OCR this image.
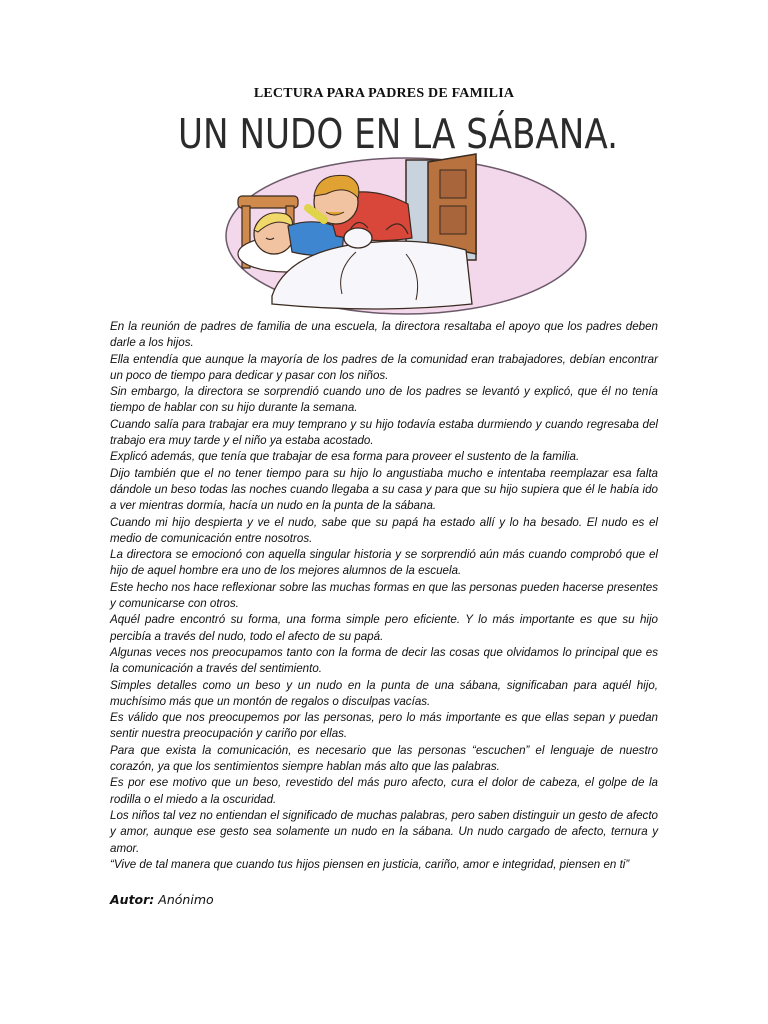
LECTURA PARA PADRES DE FAMILIA
UN NUDO EN LA SÁBANA.

En la reunión de padres de familia de una escuela, la directora resaltaba el apoyo que los padres deben darle a los hijos.

Ella entendía que aunque la mayoría de los padres de la comunidad eran trabajadores, debían encontrar un poco de tiempo para dedicar y pasar con los niños.

Sin embargo, la directora se sorprendió cuando uno de los padres se levantó y explicó, que él no tenía tiempo de hablar con su hijo durante la semana.

Cuando salía para trabajar era muy temprano y su hijo todavía estaba durmiendo y cuando regresaba del trabajo era muy tarde y el niño ya estaba acostado.

Explicó además, que tenía que trabajar de esa forma para proveer el sustento de la familia.

Dijo también que el no tener tiempo para su hijo lo angustiaba mucho e intentaba reemplazar esa falta dándole un beso todas las noches cuando llegaba a su casa y para que su hijo supiera que él le había ido a ver mientras dormía, hacía un nudo en la punta de la sábana.

Cuando mi hijo despierta y ve el nudo, sabe que su papá ha estado allí y lo ha besado. El nudo es el medio de comunicación entre nosotros.

La directora se emocionó con aquella singular historia y se sorprendió aún más cuando comprobó que el hijo de aquel hombre era uno de los mejores alumnos de la escuela.

Este hecho nos hace reflexionar sobre las muchas formas en que las personas pueden hacerse presentes y comunicarse con otros.

Aquél padre encontró su forma, una forma simple pero eficiente. Y lo más importante es que su hijo percibía a través del nudo, todo el afecto de su papá.

Algunas veces nos preocupamos tanto con la forma de decir las cosas que olvidamos lo principal que es la comunicación a través del sentimiento.

Simples detalles como un beso y un nudo en la punta de una sábana, significaban para aquél hijo, muchísimo más que un montón de regalos o disculpas vacías.

Es válido que nos preocupemos por las personas, pero lo más importante es que ellas sepan y puedan sentir nuestra preocupación y cariño por ellas.

Para que exista la comunicación, es necesario que las personas “escuchen” el lenguaje de nuestro corazón, ya que los sentimientos siempre hablan más alto que las palabras.

Es por ese motivo que un beso, revestido del más puro afecto, cura el dolor de cabeza, el golpe de la rodilla o el miedo a la oscuridad.

Los niños tal vez no entiendan el significado de muchas palabras, pero saben distinguir un gesto de afecto y amor, aunque ese gesto sea solamente un nudo en la sábana. Un nudo cargado de afecto, ternura y amor.

“Vive de tal manera que cuando tus hijos piensen en justicia, cariño, amor e integridad, piensen en ti”

Autor: Anónimo
